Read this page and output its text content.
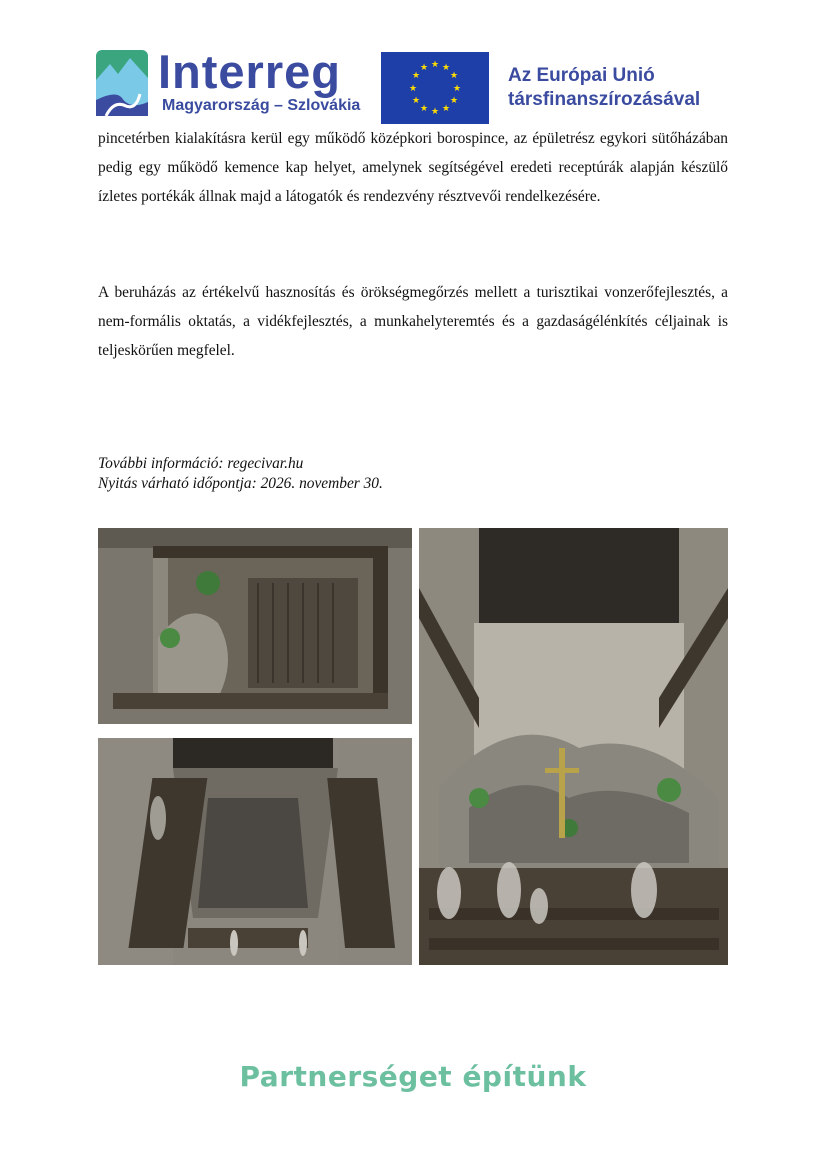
Interreg
Magyarország – Szlovákia
★ ★
★
★
★
★
★
★
★
★
★
★	Az Európai Unió
társfinanszírozásával
pincetérben kialakításra kerül egy működő középkori borospince, az épületrész egykori sütőházában pedig egy működő kemence kap helyet, amelynek segítségével eredeti receptúrák alapján készülő ízletes portékák állnak majd a látogatók és rendezvény résztvevői rendelkezésére.
A beruházás az értékelvű hasznosítás és örökségmegőrzés mellett a turisztikai vonzerőfejlesztés, a nem-formális oktatás, a vidékfejlesztés, a munkahelyteremtés és a gazdaságélénkítés céljainak is teljeskörűen megfelel.
További információ: regecivar.hu
Nyitás várható időpontja: 2026. november 30.
Partnerséget építünk
